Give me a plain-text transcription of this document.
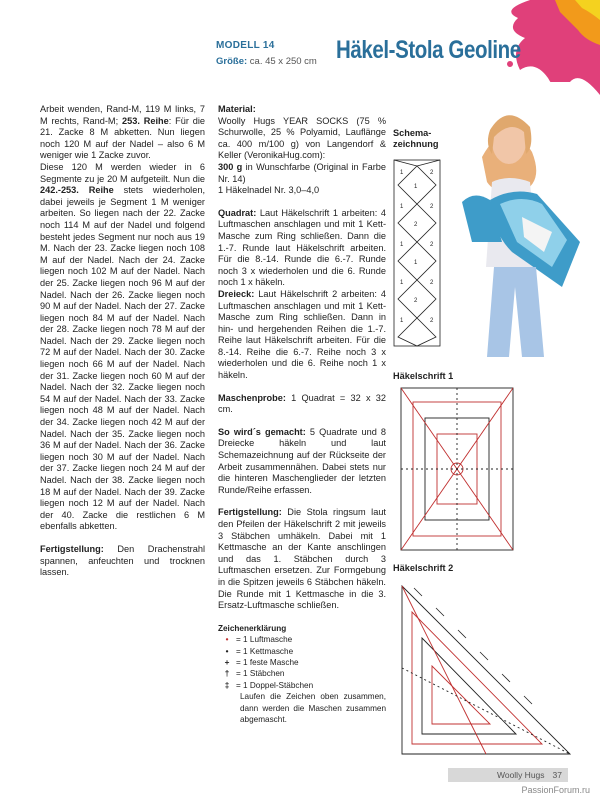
MODELL 14
Größe: ca. 45 x 250 cm Häkel-Stola Geoline

Arbeit wenden, Rand-M, 119 M links, 7 M rechts, Rand-M; 253. Reihe: Für die 21. Zacke 8 M abketten. Nun liegen noch 120 M auf der Nadel – also 6 M weniger wie 1 Zacke zuvor.
Diese 120 M werden wieder in 6 Segmente zu je 20 M aufgeteilt. Nun die 242.-253. Reihe stets wiederholen, dabei jeweils je Segment 1 M weniger arbeiten. So liegen nach der 22. Zacke noch 114 M auf der Nadel und folgend besteht jedes Segment nur noch aus 19 M. Nach der 23. Zacke liegen noch 108 M auf der Nadel. Nach der 24. Zacke liegen noch 102 M auf der Nadel. Nach der 25. Zacke liegen noch 96 M auf der Nadel. Nach der 26. Zacke liegen noch 90 M auf der Nadel. Nach der 27. Zacke liegen noch 84 M auf der Nadel. Nach der 28. Zacke liegen noch 78 M auf der Nadel. Nach der 29. Zacke liegen noch 72 M auf der Nadel. Nach der 30. Zacke liegen noch 66 M auf der Nadel. Nach der 31. Zacke liegen noch 60 M auf der Nadel. Nach der 32. Zacke liegen noch 54 M auf der Nadel. Nach der 33. Zacke liegen noch 48 M auf der Nadel. Nach der 34. Zacke liegen noch 42 M auf der Nadel. Nach der 35. Zacke liegen noch 36 M auf der Nadel. Nach der 36. Zacke liegen noch 30 M auf der Nadel. Nach der 37. Zacke liegen noch 24 M auf der Nadel. Nach der 38. Zacke liegen noch 18 M auf der Nadel. Nach der 39. Zacke liegen noch 12 M auf der Nadel. Nach der 40. Zacke die restlichen 6 M ebenfalls abketten.

Fertigstellung: Den Drachenstrahl spannen, anfeuchten und trocknen lassen.

Material:
Woolly Hugs YEAR SOCKS (75 % Schurwolle, 25 % Polyamid, Lauflänge ca. 400 m/100 g) von Langendorf & Keller (VeronikaHug.com):
300 g in Wunschfarbe (Original in Farbe Nr. 14)
1 Häkelnadel Nr. 3,0–4,0

Quadrat: Laut Häkelschrift 1 arbeiten: 4 Luftmaschen anschlagen und mit 1 Kett-Masche zum Ring schließen. Dann die 1.-7. Runde laut Häkelschrift arbeiten. Für die 8.-14. Runde die 6.-7. Runde noch 3 x wiederholen und die 6. Runde noch 1 x häkeln.
Dreieck: Laut Häkelschrift 2 arbeiten: 4 Luftmaschen anschlagen und mit 1 Kett-Masche zum Ring schließen. Dann in hin- und hergehenden Reihen die 1.-7. Reihe laut Häkelschrift arbeiten. Für die 8.-14. Reihe die 6.-7. Reihe noch 3 x wiederholen und die 6. Reihe noch 1 x häkeln.

Maschenprobe: 1 Quadrat = 32 x 32 cm.

So wird´s gemacht: 5 Quadrate und 8 Dreiecke häkeln und laut Schemazeichnung auf der Rückseite der Arbeit zusammennähen. Dabei stets nur die hinteren Maschenglieder der letzten Runde/Reihe erfassen.

Fertigstellung: Die Stola ringsum laut den Pfeilen der Häkelschrift 2 mit jeweils 3 Stäbchen umhäkeln. Dabei mit 1 Kettmasche an der Kante anschlingen und das 1. Stäbchen durch 3 Luftmaschen ersetzen. Zur Formgebung in die Spitzen jeweils 6 Stäbchen häkeln. Die Runde mit 1 Kettmasche in die 3. Ersatz-Luftmasche schließen.

Zeichenerklärung
• = 1 Luftmasche
• = 1 Kettmasche
+ = 1 feste Masche
† = 1 Stäbchen
‡ = 1 Doppel-Stäbchen
Laufen die Zeichen oben zusammen, dann werden die Maschen zusammen abgemascht.
Schema-
zeichnung
1	2
1	2
1	2
1	2
1	2
1
2
1
2
Häkelschrift 1
Häkelschrift 2
Woolly Hugs 37
PassionForum.ru
